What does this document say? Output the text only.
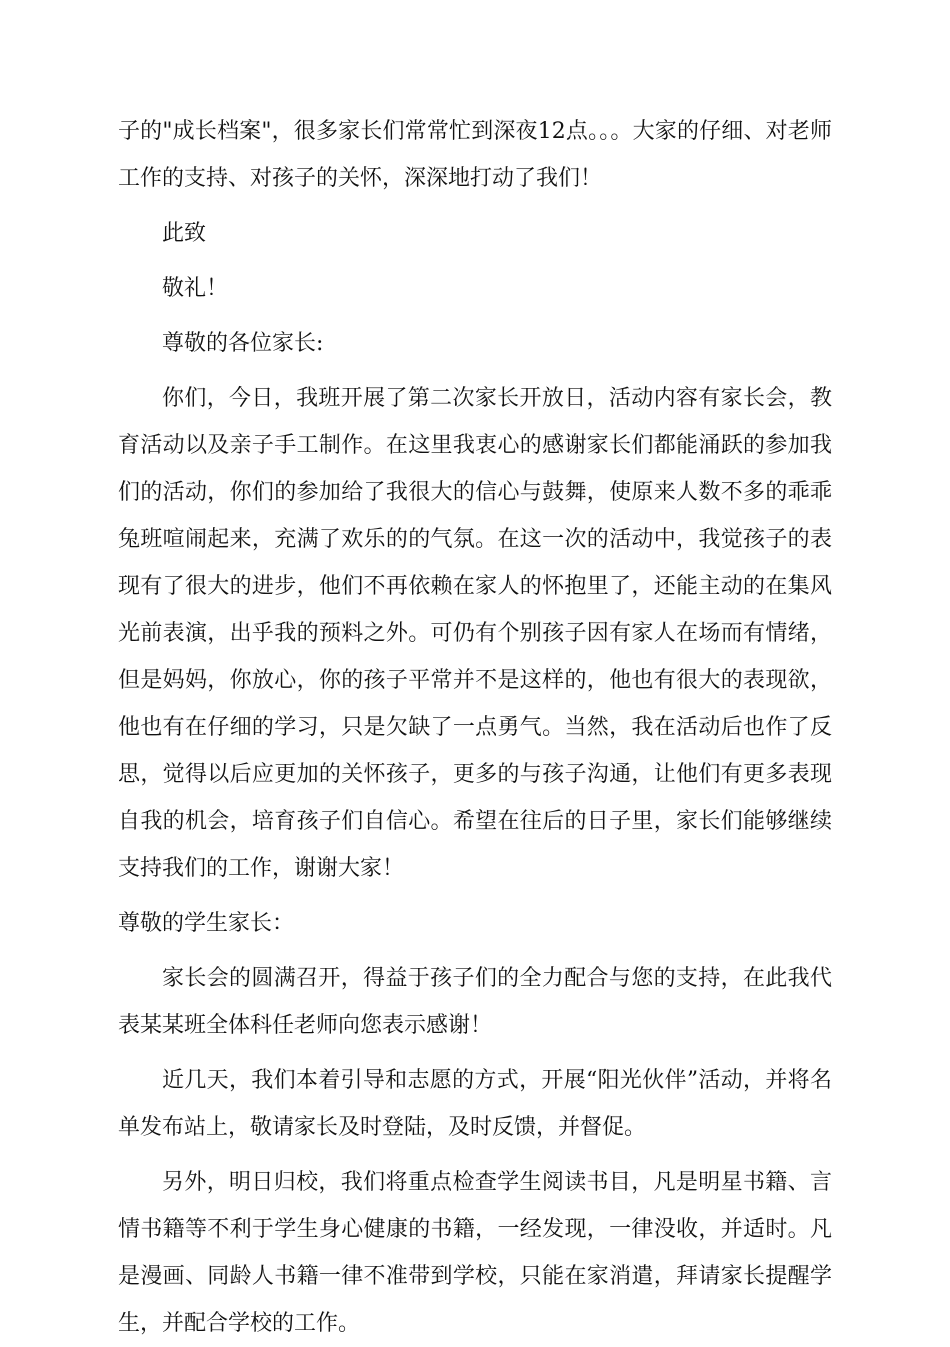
子的"成长档案"，很多家长们常常忙到深夜12点。。。大家的仔细、对老师工作的支持、对孩子的关怀，深深地打动了我们！

此致

敬礼！

尊敬的各位家长:

你们，今日，我班开展了第二次家长开放日，活动内容有家长会，教育活动以及亲子手工制作。在这里我衷心的感谢家长们都能涌跃的参加我们的活动，你们的参加给了我很大的信心与鼓舞，使原来人数不多的乖乖兔班喧闹起来，充满了欢乐的的气氛。在这一次的活动中，我觉孩子的表现有了很大的进步，他们不再依赖在家人的怀抱里了，还能主动的在集风光前表演，出乎我的预料之外。可仍有个别孩子因有家人在场而有情绪，但是妈妈，你放心，你的孩子平常并不是这样的，他也有很大的表现欲，他也有在仔细的学习，只是欠缺了一点勇气。当然，我在活动后也作了反思，觉得以后应更加的关怀孩子，更多的与孩子沟通，让他们有更多表现自我的机会，培育孩子们自信心。希望在往后的日子里，家长们能够继续支持我们的工作，谢谢大家！

尊敬的学生家长：

家长会的圆满召开，得益于孩子们的全力配合与您的支持，在此我代表某某班全体科任老师向您表示感谢！

近几天，我们本着引导和志愿的方式，开展“阳光伙伴”活动，并将名单发布站上，敬请家长及时登陆，及时反馈，并督促。

另外，明日归校，我们将重点检查学生阅读书目，凡是明星书籍、言情书籍等不利于学生身心健康的书籍，一经发现，一律没收，并适时。凡是漫画、同龄人书籍一律不准带到学校，只能在家消遣，拜请家长提醒学生，并配合学校的工作。
